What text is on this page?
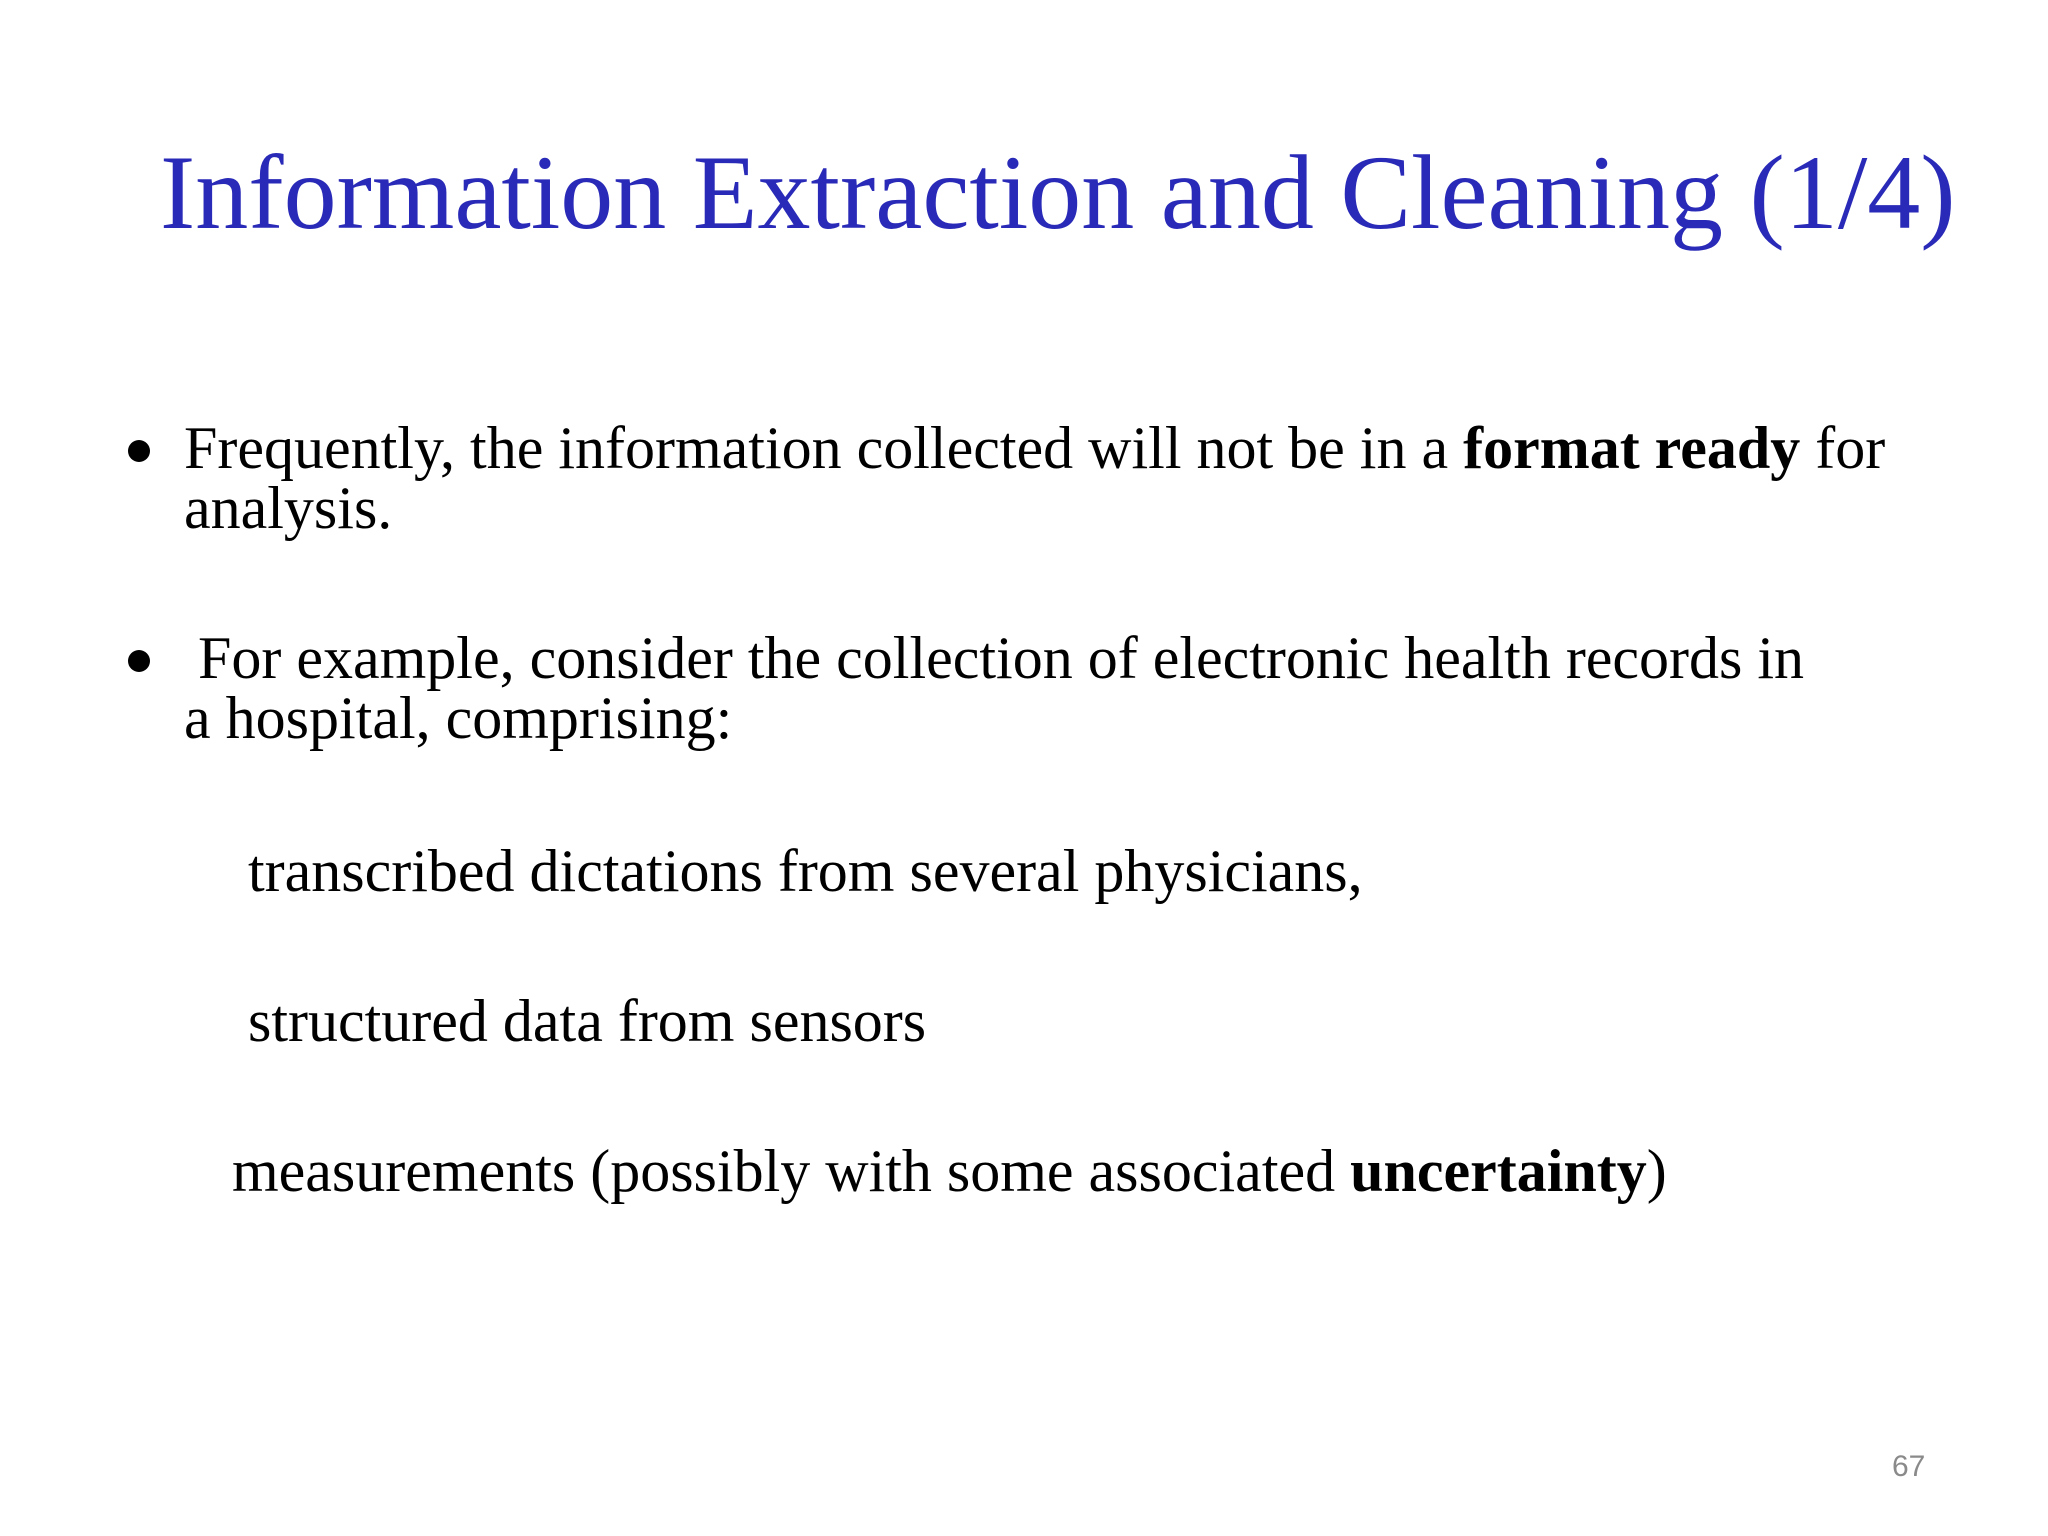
Information Extraction and Cleaning (1/4)
Frequently, the information collected will not be in a format ready for analysis.
For example, consider the collection of electronic health records in
a hospital, comprising:
transcribed dictations from several physicians,
structured data from sensors
measurements (possibly with some associated uncertainty)
67
